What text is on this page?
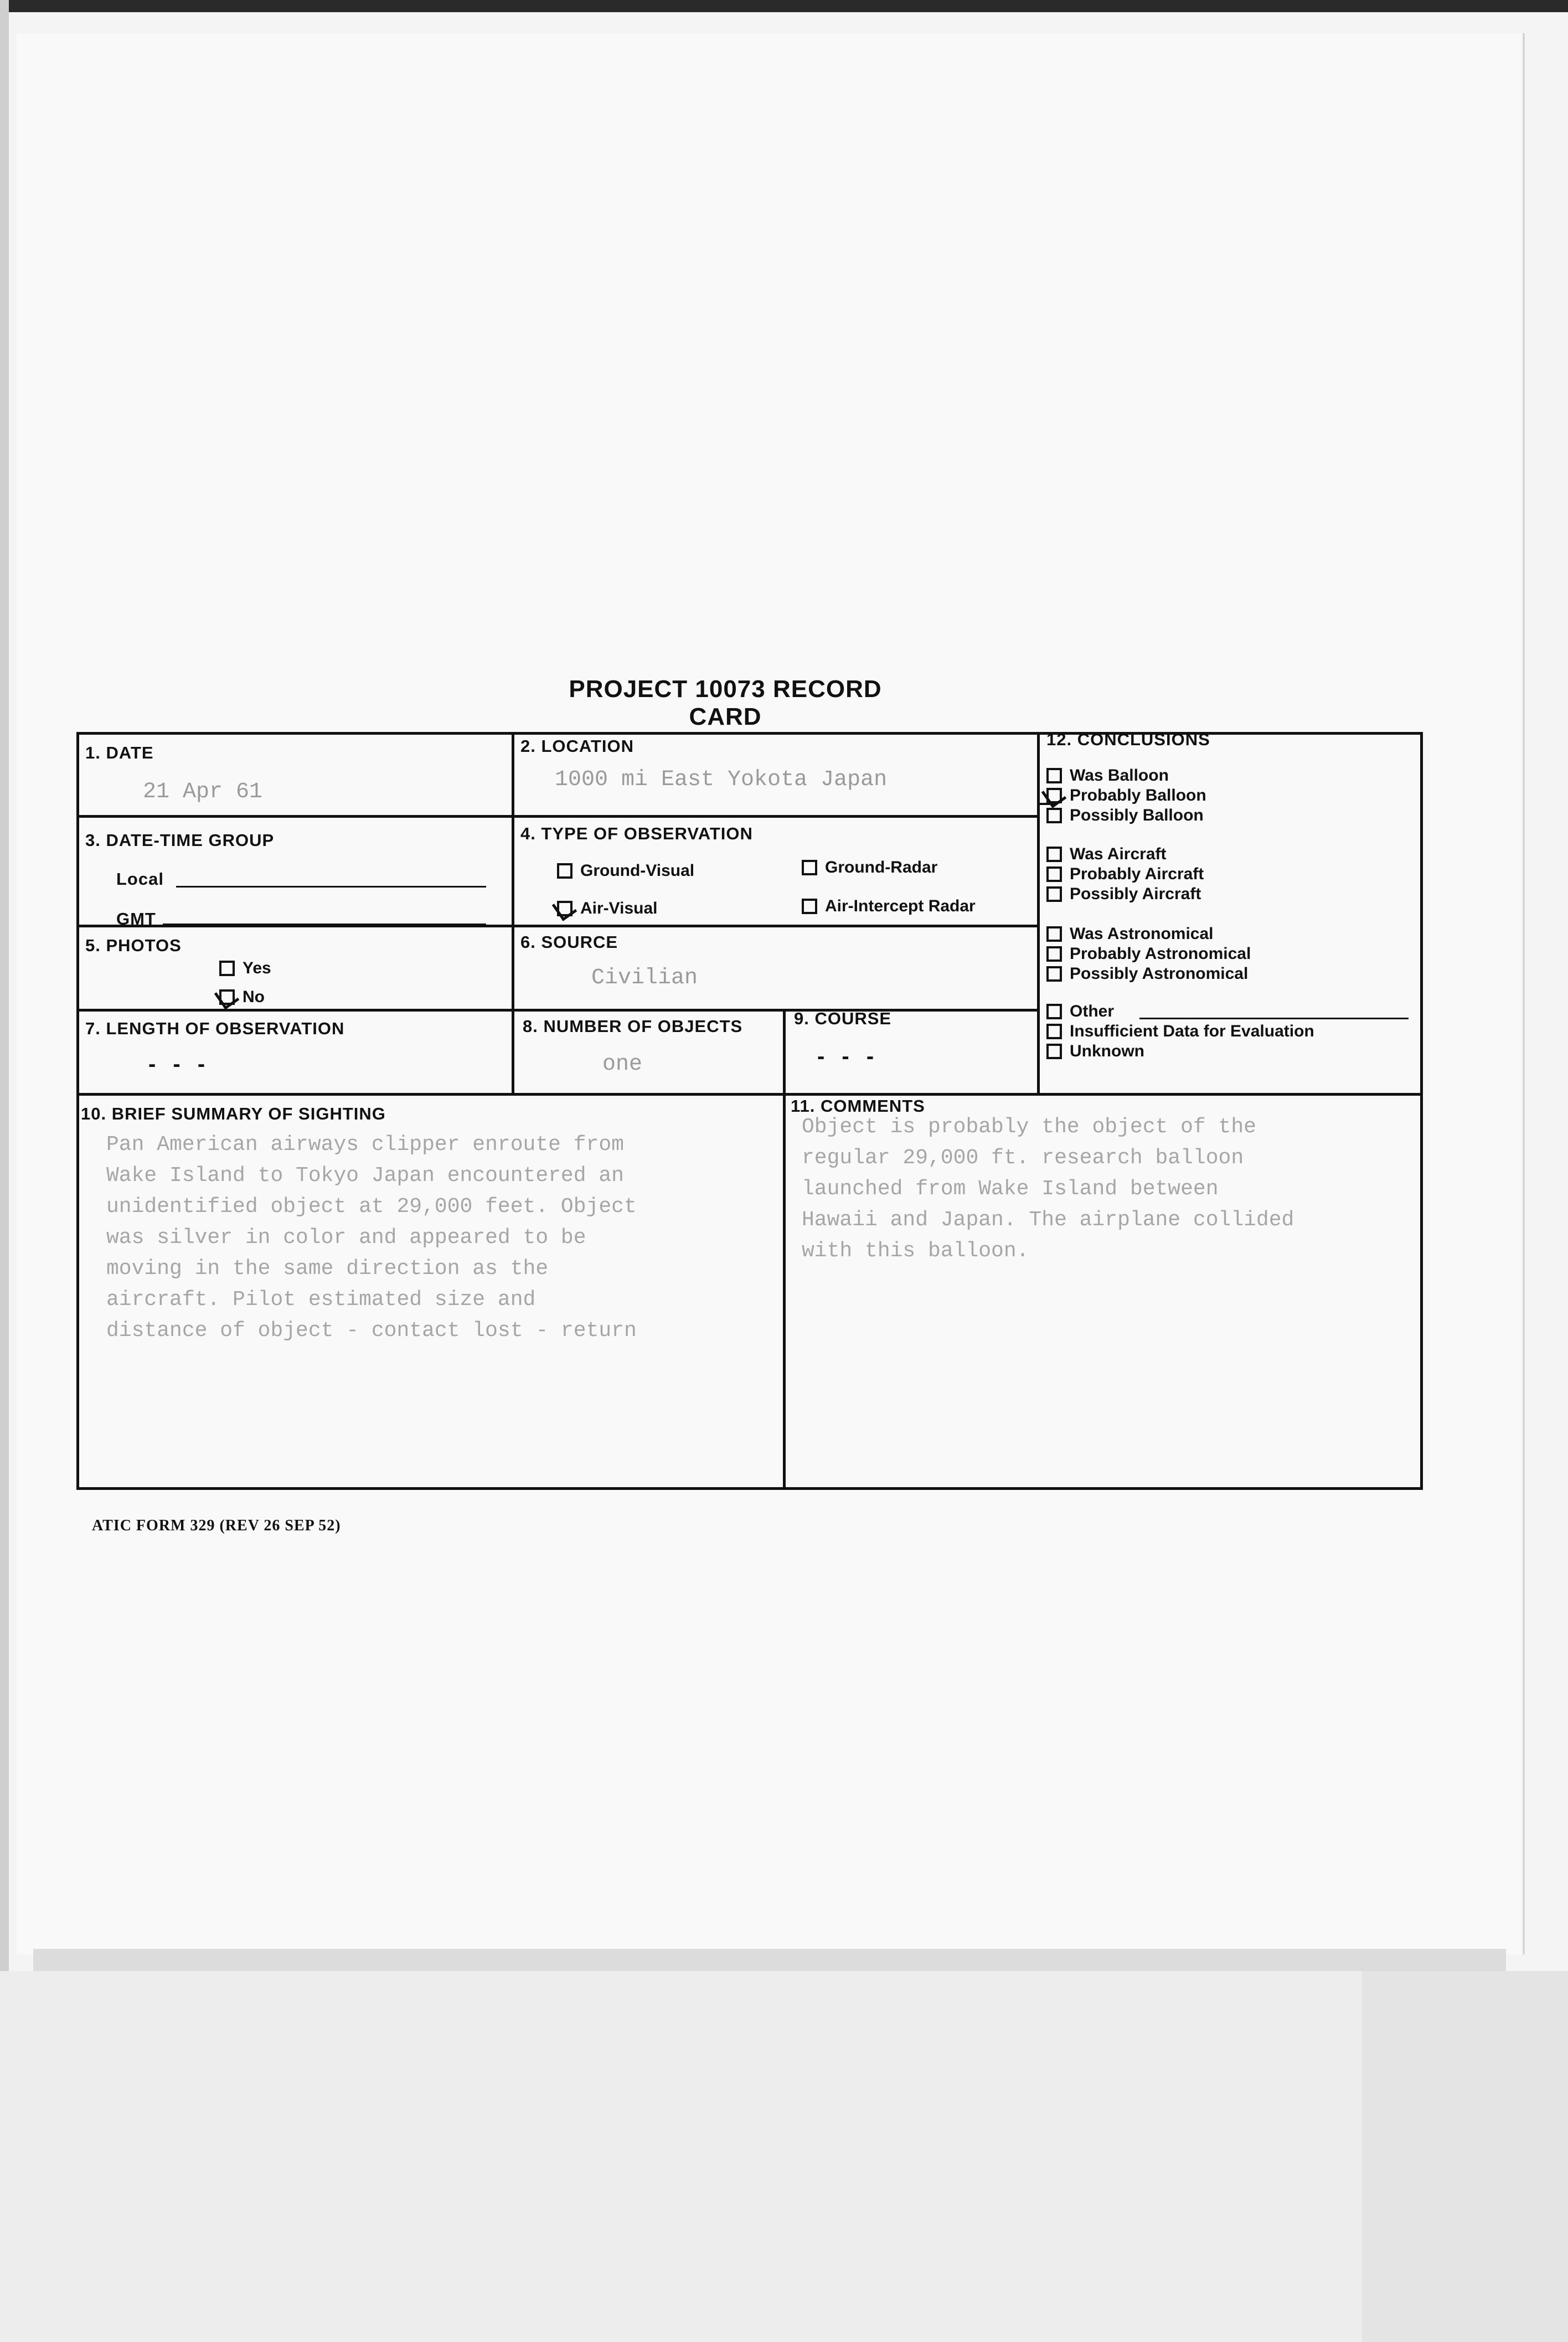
PROJECT 10073 RECORD CARD
1. DATE
21 Apr 61
2. LOCATION
1000 mi East Yokota Japan
3. DATE-TIME GROUP
Local
GMT
4. TYPE OF OBSERVATION
Ground-Visual	Ground-Radar
Air-Visual	Air-Intercept Radar
5. PHOTOS
Yes
No
6. SOURCE
Civilian
7. LENGTH OF OBSERVATION
- - -
8. NUMBER OF OBJECTS
one
9. COURSE
- - -
12. CONCLUSIONS
Was Balloon
Probably Balloon
Possibly Balloon
Was Aircraft
Probably Aircraft
Possibly Aircraft
Was Astronomical
Probably Astronomical
Possibly Astronomical
Other
Insufficient Data for Evaluation
Unknown
10. BRIEF SUMMARY OF SIGHTING
Pan American airways clipper enroute from
Wake Island to Tokyo Japan encountered an
unidentified object at 29,000 feet. Object
was silver in color and appeared to be
moving in the same direction as the
aircraft. Pilot estimated size and
distance of object - contact lost - return
11. COMMENTS
Object is probably the object of the
regular 29,000 ft. research balloon
launched from Wake Island between
Hawaii and Japan. The airplane collided
with this balloon.
ATIC FORM 329 (REV 26 SEP 52)
